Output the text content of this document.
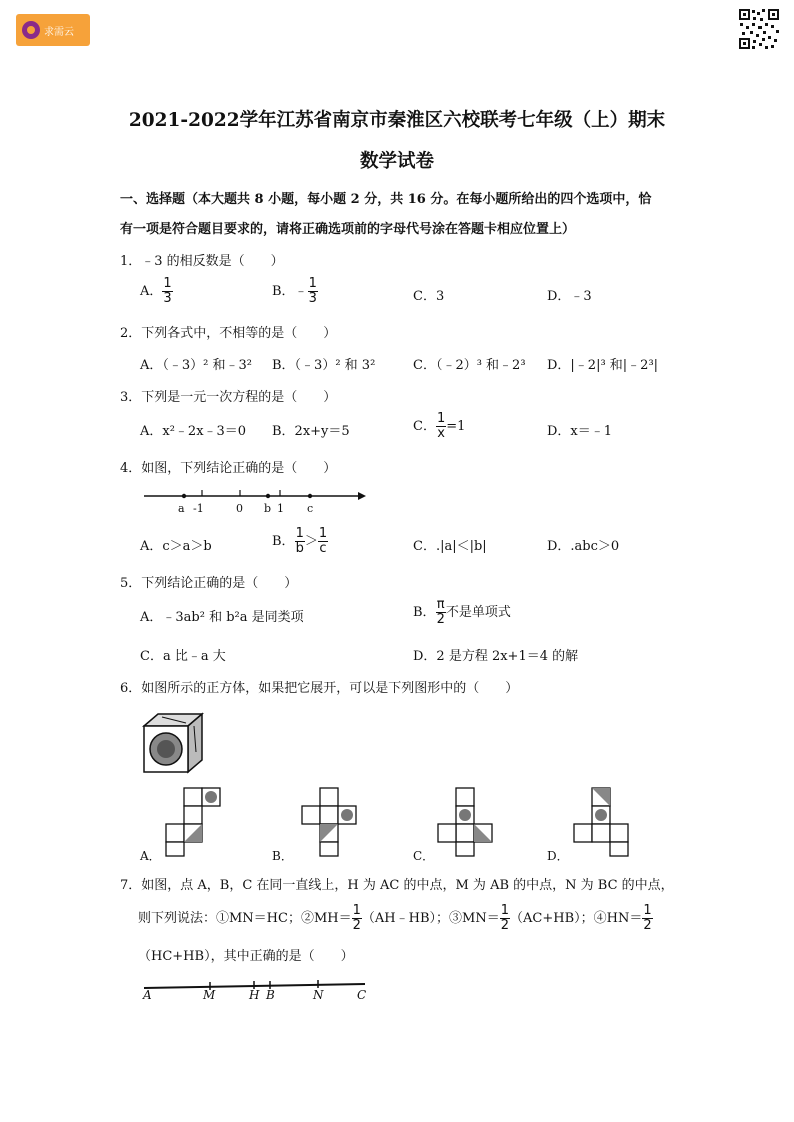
求需云
2021-2022学年江苏省南京市秦淮区六校联考七年级（上）期末
数学试卷
一、选择题（本大题共 8 小题，每小题 2 分，共 16 分。在每小题所给出的四个选项中，恰
有一项是符合题目要求的，请将正确选项前的字母代号涂在答题卡相应位置上）
1．﹣3 的相反数是（　　）
A． $\frac{1}{3}$	B．﹣ $\frac{1}{3}$	C．3	D．﹣3
2．下列各式中，不相等的是（　　）
A．（﹣3）² 和﹣3² B．（﹣3）² 和 3²	C．（﹣2）³ 和﹣2³ D．|﹣2|³ 和|﹣2³|
3．下列是一元一次方程的是（　　）
A．x²﹣2x﹣3＝0 B．2x+y＝5	C． $\frac{1}{x} =1$	D．x＝﹣1
4．如图，下列结论正确的是（　　）
a -1	0 b 1 c
A．c＞a＞b	B． $\frac{1}{b} > \frac{1}{c}$	C．.|a|＜|b|	D．.abc＞0
5．下列结论正确的是（　　）
A．﹣3ab² 和 b²a 是同类项	B． $\frac{\pi}{2}$ 不是单项式
C．a 比﹣a 大	D．2 是方程 2x+1＝4 的解
6．如图所示的正方体，如果把它展开，可以是下列图形中的（　　）
A．	B．	C．	D．
7．如图，点 A，B，C 在同一直线上，H 为 AC 的中点，M 为 AB 的中点，N 为 BC 的中点，
则下列说法：①MN＝HC；②MH＝ $\frac{1}{2}$ （AH﹣HB）；③MN＝ $\frac{1}{2} (AC+HB)$；④HN＝ $\frac{1}{2}$
（HC+HB），其中正确的是（　　）
A	M	H B	N	C
